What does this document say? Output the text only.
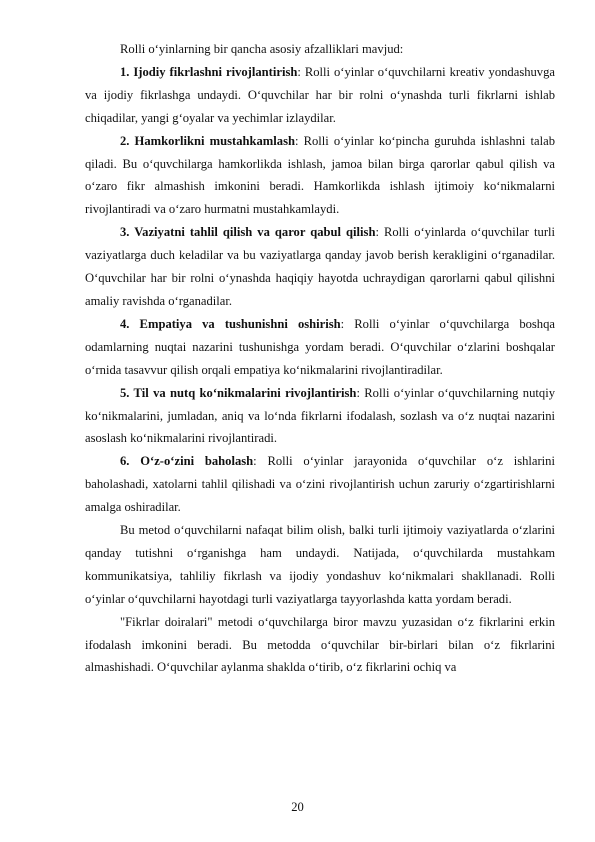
Rolli o‘yinlarning bir qancha asosiy afzalliklari mavjud:

1. Ijodiy fikrlashni rivojlantirish: Rolli o‘yinlar o‘quvchilarni kreativ yondashuvga va ijodiy fikrlashga undaydi. O‘quvchilar har bir rolni o‘ynashda turli fikrlarni ishlab chiqadilar, yangi g‘oyalar va yechimlar izlaydilar.

2. Hamkorlikni mustahkamlash: Rolli o‘yinlar ko‘pincha guruhda ishlashni talab qiladi. Bu o‘quvchilarga hamkorlikda ishlash, jamoa bilan birga qarorlar qabul qilish va o‘zaro fikr almashish imkonini beradi. Hamkorlikda ishlash ijtimoiy ko‘nikmalarni rivojlantiradi va o‘zaro hurmatni mustahkamlaydi.

3. Vaziyatni tahlil qilish va qaror qabul qilish: Rolli o‘yinlarda o‘quvchilar turli vaziyatlarga duch keladilar va bu vaziyatlarga qanday javob berish kerakligini o‘rganadilar. O‘quvchilar har bir rolni o‘ynashda haqiqiy hayotda uchraydigan qarorlarni qabul qilishni amaliy ravishda o‘rganadilar.

4. Empatiya va tushunishni oshirish: Rolli o‘yinlar o‘quvchilarga boshqa odamlarning nuqtai nazarini tushunishga yordam beradi. O‘quvchilar o‘zlarini boshqalar o‘rnida tasavvur qilish orqali empatiya ko‘nikmalarini rivojlantiradilar.

5. Til va nutq ko‘nikmalarini rivojlantirish: Rolli o‘yinlar o‘quvchilarning nutqiy ko‘nikmalarini, jumladan, aniq va lo‘nda fikrlarni ifodalash, sozlash va o‘z nuqtai nazarini asoslash ko‘nikmalarini rivojlantiradi.

6. O‘z-o‘zini baholash: Rolli o‘yinlar jarayonida o‘quvchilar o‘z ishlarini baholashadi, xatolarni tahlil qilishadi va o‘zini rivojlantirish uchun zaruriy o‘zgartirishlarni amalga oshiradilar.

Bu metod o‘quvchilarni nafaqat bilim olish, balki turli ijtimoiy vaziyatlarda o‘zlarini qanday tutishni o‘rganishga ham undaydi. Natijada, o‘quvchilarda mustahkam kommunikatsiya, tahliliy fikrlash va ijodiy yondashuv ko‘nikmalari shakllanadi. Rolli o‘yinlar o‘quvchilarni hayotdagi turli vaziyatlarga tayyorlashda katta yordam beradi.

"Fikrlar doiralari" metodi o‘quvchilarga biror mavzu yuzasidan o‘z fikrlarini erkin ifodalash imkonini beradi. Bu metodda o‘quvchilar bir-birlari bilan o‘z fikrlarini almashishadi. O‘quvchilar aylanma shaklda o‘tirib, o‘z fikrlarini ochiq va

20
